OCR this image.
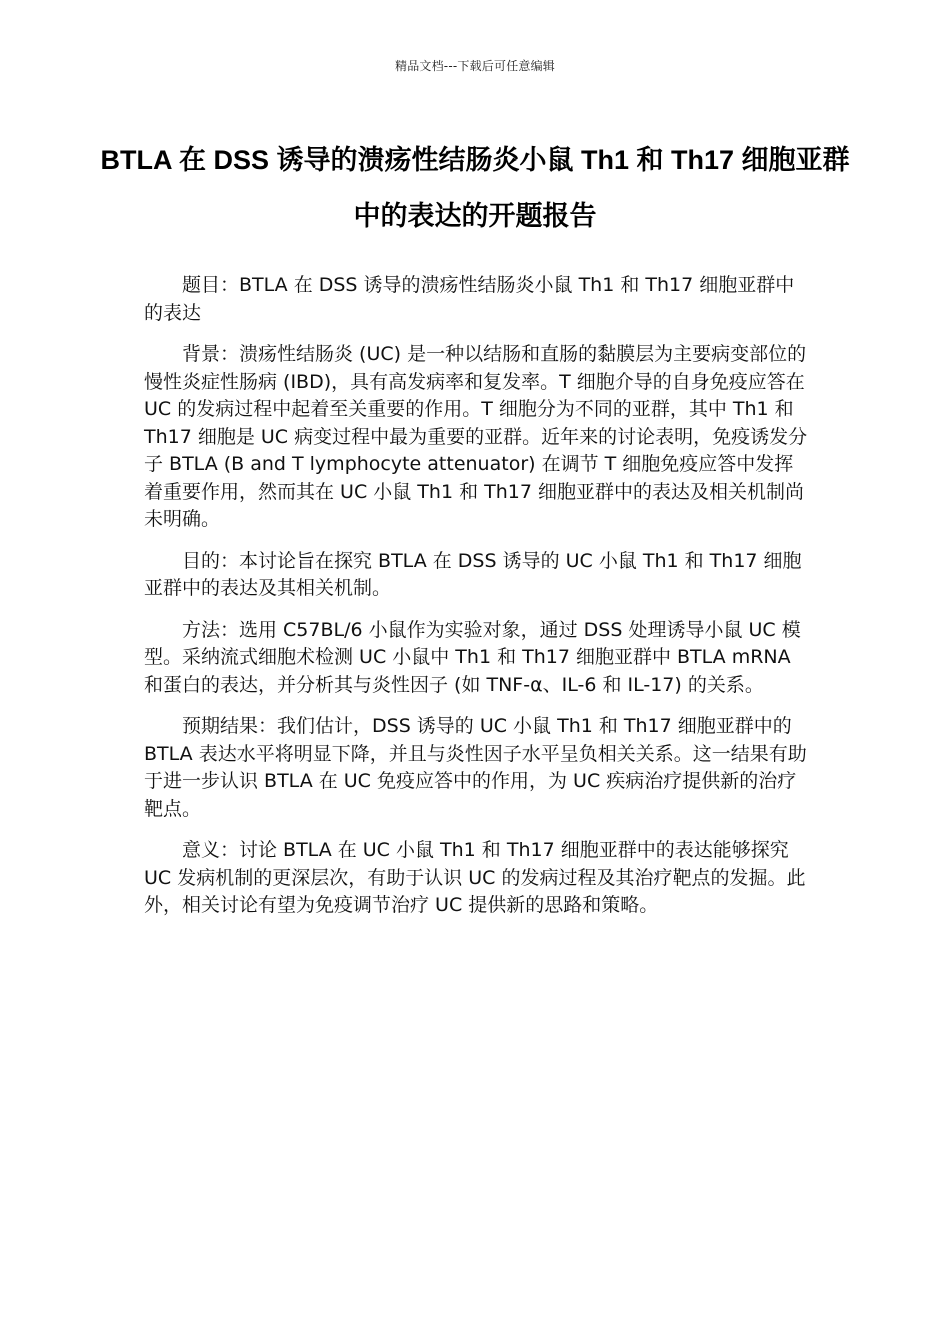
精品文档---下载后可任意编辑
BTLA 在 DSS 诱导的溃疡性结肠炎小鼠 Th1 和 Th17 细胞亚群中的表达的开题报告

题目：BTLA 在 DSS 诱导的溃疡性结肠炎小鼠 Th1 和 Th17 细胞亚群中的表达

背景：溃疡性结肠炎 (UC) 是一种以结肠和直肠的黏膜层为主要病变部位的慢性炎症性肠病 (IBD)，具有高发病率和复发率。T 细胞介导的自身免疫应答在 UC 的发病过程中起着至关重要的作用。T 细胞分为不同的亚群，其中 Th1 和 Th17 细胞是 UC 病变过程中最为重要的亚群。近年来的讨论表明，免疫诱发分子 BTLA (B and T lymphocyte attenuator) 在调节 T 细胞免疫应答中发挥着重要作用，然而其在 UC 小鼠 Th1 和 Th17 细胞亚群中的表达及相关机制尚未明确。

目的：本讨论旨在探究 BTLA 在 DSS 诱导的 UC 小鼠 Th1 和 Th17 细胞亚群中的表达及其相关机制。

方法：选用 C57BL/6 小鼠作为实验对象，通过 DSS 处理诱导小鼠 UC 模型。采纳流式细胞术检测 UC 小鼠中 Th1 和 Th17 细胞亚群中 BTLA mRNA 和蛋白的表达，并分析其与炎性因子 (如 TNF-α、IL-6 和 IL-17) 的关系。

预期结果：我们估计，DSS 诱导的 UC 小鼠 Th1 和 Th17 细胞亚群中的 BTLA 表达水平将明显下降，并且与炎性因子水平呈负相关关系。这一结果有助于进一步认识 BTLA 在 UC 免疫应答中的作用，为 UC 疾病治疗提供新的治疗靶点。

意义：讨论 BTLA 在 UC 小鼠 Th1 和 Th17 细胞亚群中的表达能够探究 UC 发病机制的更深层次，有助于认识 UC 的发病过程及其治疗靶点的发掘。此外，相关讨论有望为免疫调节治疗 UC 提供新的思路和策略。
